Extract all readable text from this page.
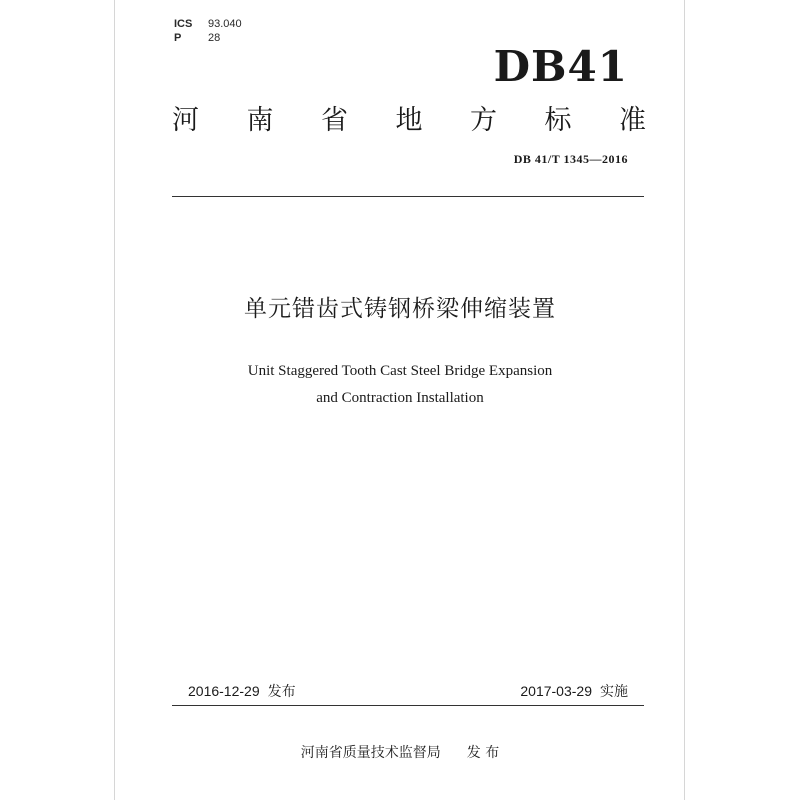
ICS	93.040
P	28
DB41
河 南 省 地 方 标 准
DB 41/T 1345—2016
单元错齿式铸钢桥梁伸缩装置
Unit Staggered Tooth Cast Steel Bridge Expansion
and Contraction Installation
2016-12-29 发布	2017-03-29 实施
河南省质量技术监督局 发 布
